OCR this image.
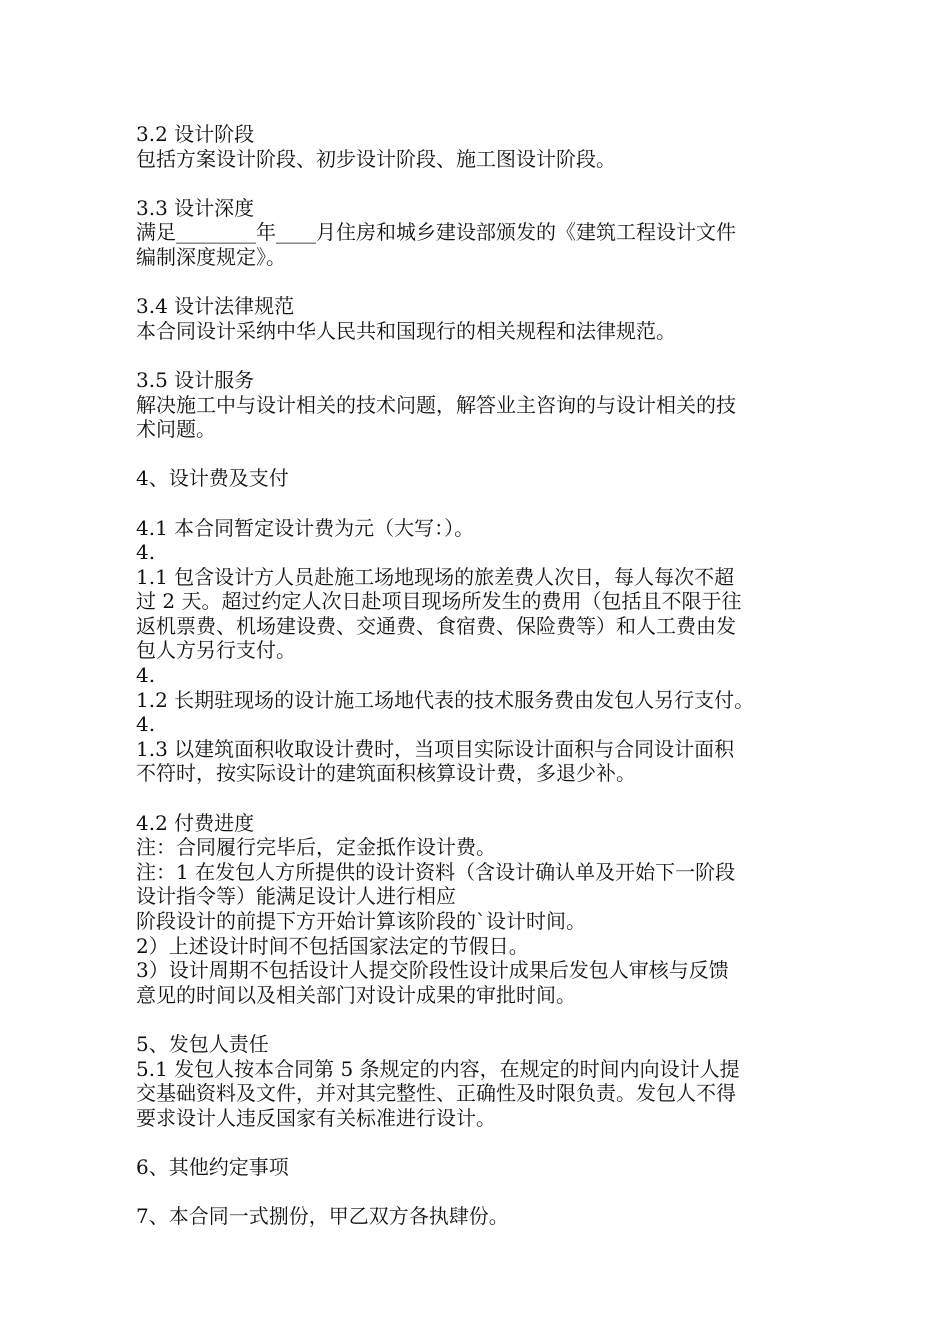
3.2 设计阶段
包括方案设计阶段、初步设计阶段、施工图设计阶段。
3.3 设计深度
满足________年____月住房和城乡建设部颁发的《建筑工程设计文件
编制深度规定》。
3.4 设计法律规范
本合同设计采纳中华人民共和国现行的相关规程和法律规范。
3.5 设计服务
解决施工中与设计相关的技术问题，解答业主咨询的与设计相关的技
术问题。
4、设计费及支付
4.1 本合同暂定设计费为元（大写：）。
4.
1.1 包含设计方人员赴施工场地现场的旅差费人次日，每人每次不超
过 2 天。超过约定人次日赴项目现场所发生的费用（包括且不限于往
返机票费、机场建设费、交通费、食宿费、保险费等）和人工费由发
包人方另行支付。
4.
1.2 长期驻现场的设计施工场地代表的技术服务费由发包人另行支付。
4.
1.3 以建筑面积收取设计费时，当项目实际设计面积与合同设计面积
不符时，按实际设计的建筑面积核算设计费，多退少补。
4.2 付费进度
注：合同履行完毕后，定金抵作设计费。
注：1 在发包人方所提供的设计资料（含设计确认单及开始下一阶段
设计指令等）能满足设计人进行相应
阶段设计的前提下方开始计算该阶段的`设计时间。
2）上述设计时间不包括国家法定的节假日。
3）设计周期不包括设计人提交阶段性设计成果后发包人审核与反馈
意见的时间以及相关部门对设计成果的审批时间。
5、发包人责任
5.1 发包人按本合同第 5 条规定的内容，在规定的时间内向设计人提
交基础资料及文件，并对其完整性、正确性及时限负责。发包人不得
要求设计人违反国家有关标准进行设计。
6、其他约定事项
7、本合同一式捌份，甲乙双方各执肆份。
